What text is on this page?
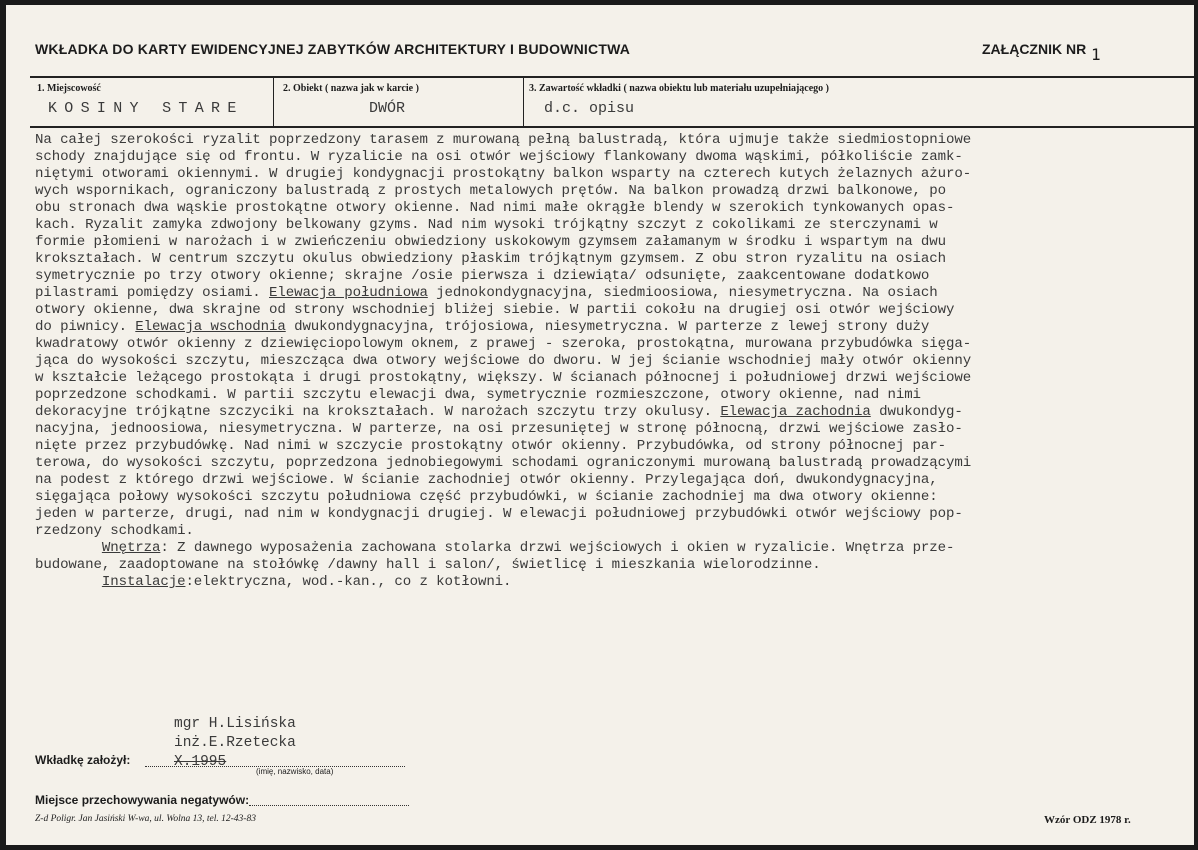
WKŁADKA DO KARTY EWIDENCYJNEJ ZABYTKÓW ARCHITEKTURY I BUDOWNICTWA	ZAŁĄCZNIK NR 1
1. Miejscowość	2. Obiekt ( nazwa jak w karcie )	3. Zawartość wkładki ( nazwa obiektu lub materiału uzupełniającego )
KOSINY STARE	DWÓR	d.c. opisu
Na całej szerokości ryzalit poprzedzony tarasem z murowaną pełną balustradą, która ujmuje także siedmiostopniowe
schody znajdujące się od frontu. W ryzalicie na osi otwór wejściowy flankowany dwoma wąskimi, półkoliście zamk-
niętymi otworami okiennymi. W drugiej kondygnacji prostokątny balkon wsparty na czterech kutych żelaznych ażuro-
wych wspornikach, ograniczony balustradą z prostych metalowych prętów. Na balkon prowadzą drzwi balkonowe, po
obu stronach dwa wąskie prostokątne otwory okienne. Nad nimi małe okrągłe blendy w szerokich tynkowanych opas-
kach. Ryzalit zamyka zdwojony belkowany gzyms. Nad nim wysoki trójkątny szczyt z cokolikami ze sterczynami w
formie płomieni w narożach i w zwieńczeniu obwiedziony uskokowym gzymsem załamanym w środku i wspartym na dwu
krokształach. W centrum szczytu okulus obwiedziony płaskim trójkątnym gzymsem. Z obu stron ryzalitu na osiach
symetrycznie po trzy otwory okienne; skrajne /osie pierwsza i dziewiąta/ odsunięte, zaakcentowane dodatkowo
pilastrami pomiędzy osiami. Elewacja południowa jednokondygnacyjna, siedmioosiowa, niesymetryczna. Na osiach
otwory okienne, dwa skrajne od strony wschodniej bliżej siebie. W partii cokołu na drugiej osi otwór wejściowy
do piwnicy. Elewacja wschodnia dwukondygnacyjna, trójosiowa, niesymetryczna. W parterze z lewej strony duży
kwadratowy otwór okienny z dziewięciopolowym oknem, z prawej - szeroka, prostokątna, murowana przybudówka sięga-
jąca do wysokości szczytu, mieszcząca dwa otwory wejściowe do dworu. W jej ścianie wschodniej mały otwór okienny
w kształcie leżącego prostokąta i drugi prostokątny, większy. W ścianach północnej i południowej drzwi wejściowe
poprzedzone schodkami. W partii szczytu elewacji dwa, symetrycznie rozmieszczone, otwory okienne, nad nimi
dekoracyjne trójkątne szczyciki na krokształach. W narożach szczytu trzy okulusy. Elewacja zachodnia dwukondyg-
nacyjna, jednoosiowa, niesymetryczna. W parterze, na osi przesuniętej w stronę północną, drzwi wejściowe zasło-
nięte przez przybudówkę. Nad nimi w szczycie prostokątny otwór okienny. Przybudówka, od strony północnej par-
terowa, do wysokości szczytu, poprzedzona jednobiegowymi schodami ograniczonymi murowaną balustradą prowadzącymi
na podest z którego drzwi wejściowe. W ścianie zachodniej otwór okienny. Przylegająca doń, dwukondygnacyjna,
sięgająca połowy wysokości szczytu południowa część przybudówki, w ścianie zachodniej ma dwa otwory okienne:
jeden w parterze, drugi, nad nim w kondygnacji drugiej. W elewacji południowej przybudówki otwór wejściowy pop-
rzedzony schodkami.
Wnętrza: Z dawnego wyposażenia zachowana stolarka drzwi wejściowych i okien w ryzalicie. Wnętrza prze-
budowane, zaadoptowane na stołówkę /dawny hall i salon/, świetlicę i mieszkania wielorodzinne.
Instalacje:elektryczna, wod.-kan., co z kotłowni.
mgr H.Lisińska
inż.E.Rzetecka
X.1995
Wkładkę założył:
(imię, nazwisko, data)
Miejsce przechowywania negatywów:
Z-d Poligr. Jan Jasiński W-wa, ul. Wolna 13, tel. 12-43-83	Wzór ODZ 1978 r.
